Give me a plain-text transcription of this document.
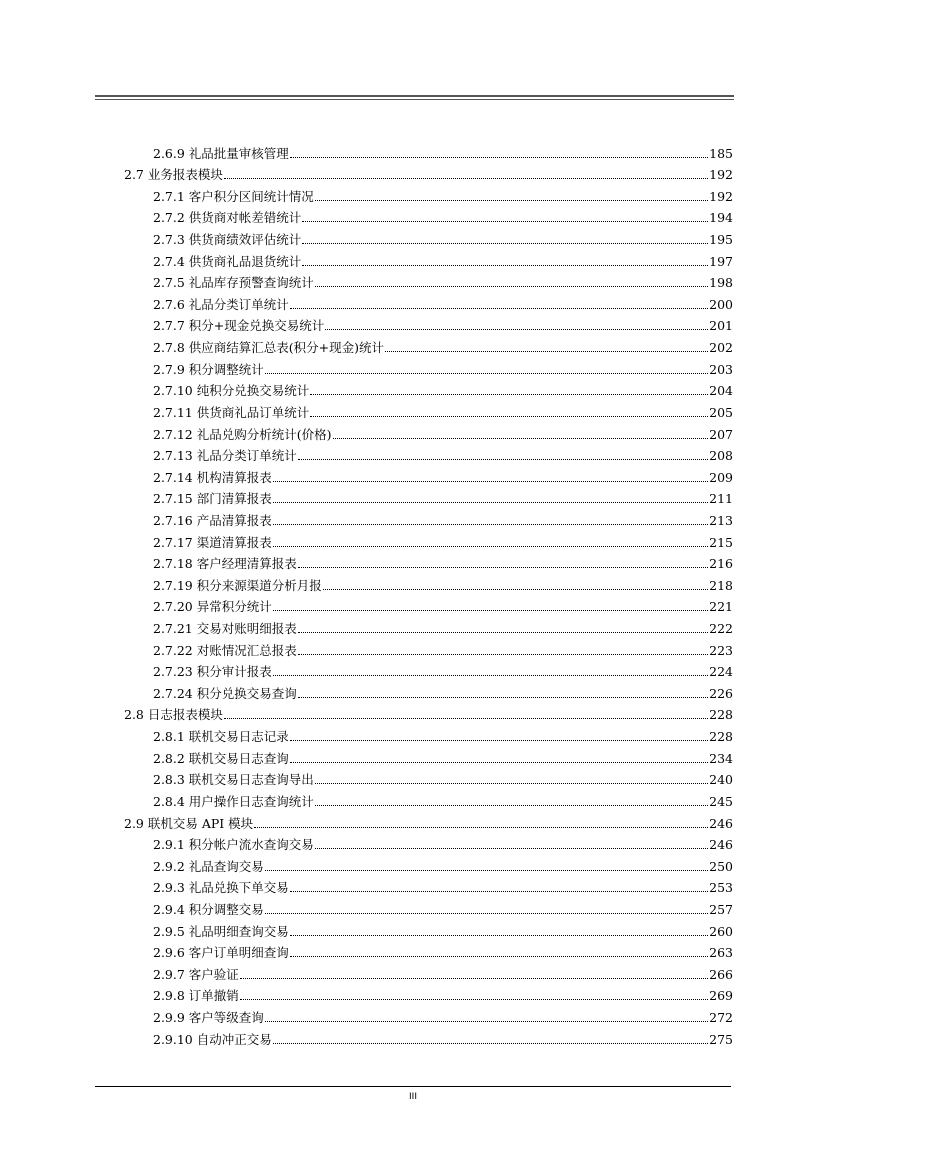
2.6.9 礼品批量审核管理	185
2.7 业务报表模块	192
2.7.1 客户积分区间统计情况	192
2.7.2 供货商对帐差错统计	194
2.7.3 供货商绩效评估统计	195
2.7.4 供货商礼品退货统计	197
2.7.5 礼品库存预警查询统计	198
2.7.6 礼品分类订单统计	200
2.7.7 积分+现金兑换交易统计	201
2.7.8 供应商结算汇总表(积分+现金)统计	202
2.7.9 积分调整统计	203
2.7.10 纯积分兑换交易统计	204
2.7.11 供货商礼品订单统计	205
2.7.12 礼品兑购分析统计(价格)	207
2.7.13 礼品分类订单统计	208
2.7.14 机构清算报表	209
2.7.15 部门清算报表	211
2.7.16 产品清算报表	213
2.7.17 渠道清算报表	215
2.7.18 客户经理清算报表	216
2.7.19 积分来源渠道分析月报	218
2.7.20 异常积分统计	221
2.7.21 交易对账明细报表	222
2.7.22 对账情况汇总报表	223
2.7.23 积分审计报表	224
2.7.24 积分兑换交易查询	226
2.8 日志报表模块	228
2.8.1 联机交易日志记录	228
2.8.2 联机交易日志查询	234
2.8.3 联机交易日志查询导出	240
2.8.4 用户操作日志查询统计	245
2.9 联机交易 API 模块	246
2.9.1 积分帐户流水查询交易	246
2.9.2 礼品查询交易	250
2.9.3 礼品兑换下单交易	253
2.9.4 积分调整交易	257
2.9.5 礼品明细查询交易	260
2.9.6 客户订单明细查询	263
2.9.7 客户验证	266
2.9.8 订单撤销	269
2.9.9 客户等级查询	272
2.9.10 自动冲正交易	275
III
